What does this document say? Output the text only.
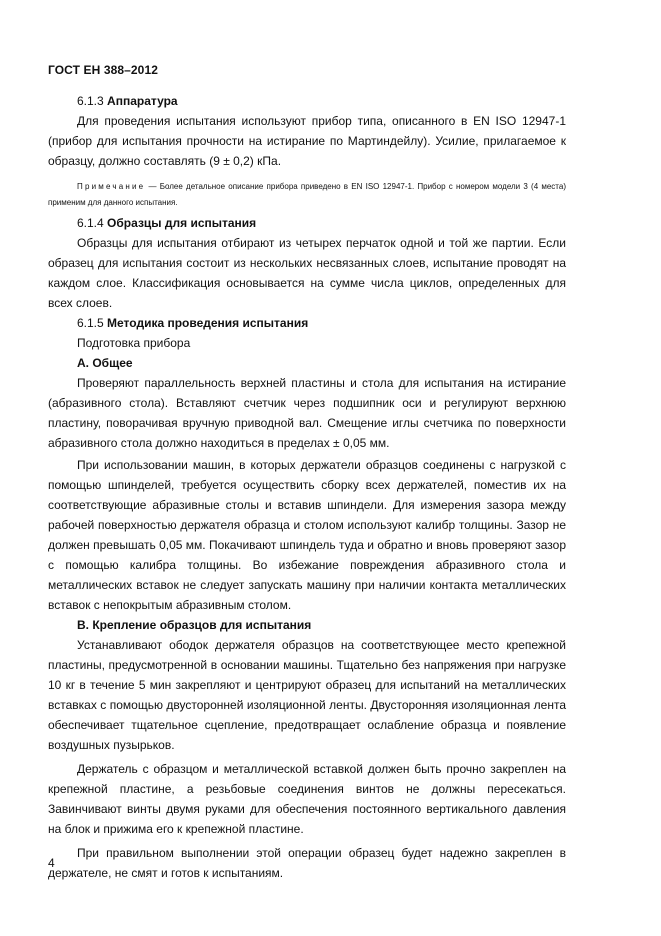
ГОСТ ЕН 388–2012

6.1.3 Аппаратура

Для проведения испытания используют прибор типа, описанного в EN ISO 12947-1 (прибор для испытания прочности на истирание по Мартиндейлу). Усилие, прилагаемое к образцу, должно составлять (9 ± 0,2) кПа.

Примечание — Более детальное описание прибора приведено в EN ISO 12947-1. Прибор с номером модели 3 (4 места) применим для данного испытания.

6.1.4 Образцы для испытания

Образцы для испытания отбирают из четырех перчаток одной и той же партии. Если образец для испытания состоит из нескольких несвязанных слоев, испытание проводят на каждом слое. Классификация основывается на сумме числа циклов, определенных для всех слоев.

6.1.5 Методика проведения испытания

Подготовка прибора

А. Общее

Проверяют параллельность верхней пластины и стола для испытания на истирание (абразивного стола). Вставляют счетчик через подшипник оси и регулируют верхнюю пластину, поворачивая вручную приводной вал. Смещение иглы счетчика по поверхности абразивного стола должно находиться в пределах ± 0,05 мм.

При использовании машин, в которых держатели образцов соединены с нагрузкой с помощью шпинделей, требуется осуществить сборку всех держателей, поместив их на соответствующие абразивные столы и вставив шпиндели. Для измерения зазора между рабочей поверхностью держателя образца и столом используют калибр толщины. Зазор не должен превышать 0,05 мм. Покачивают шпиндель туда и обратно и вновь проверяют зазор с помощью калибра толщины. Во избежание повреждения абразивного стола и металлических вставок не следует запускать машину при наличии контакта металлических вставок с непокрытым абразивным столом.

В. Крепление образцов для испытания

Устанавливают ободок держателя образцов на соответствующее место крепежной пластины, предусмотренной в основании машины. Тщательно без напряжения при нагрузке 10 кг в течение 5 мин закрепляют и центрируют образец для испытаний на металлических вставках с помощью двусторонней изоляционной ленты. Двусторонняя изоляционная лента обеспечивает тщательное сцепление, предотвращает ослабление образца и появление воздушных пузырьков.

Держатель с образцом и металлической вставкой должен быть прочно закреплен на крепежной пластине, а резьбовые соединения винтов не должны пересекаться. Завинчивают винты двумя руками для обеспечения постоянного вертикального давления на блок и прижима его к крепежной пластине.

При правильном выполнении этой операции образец будет надежно закреплен в держателе, не смят и готов к испытаниям.

4
